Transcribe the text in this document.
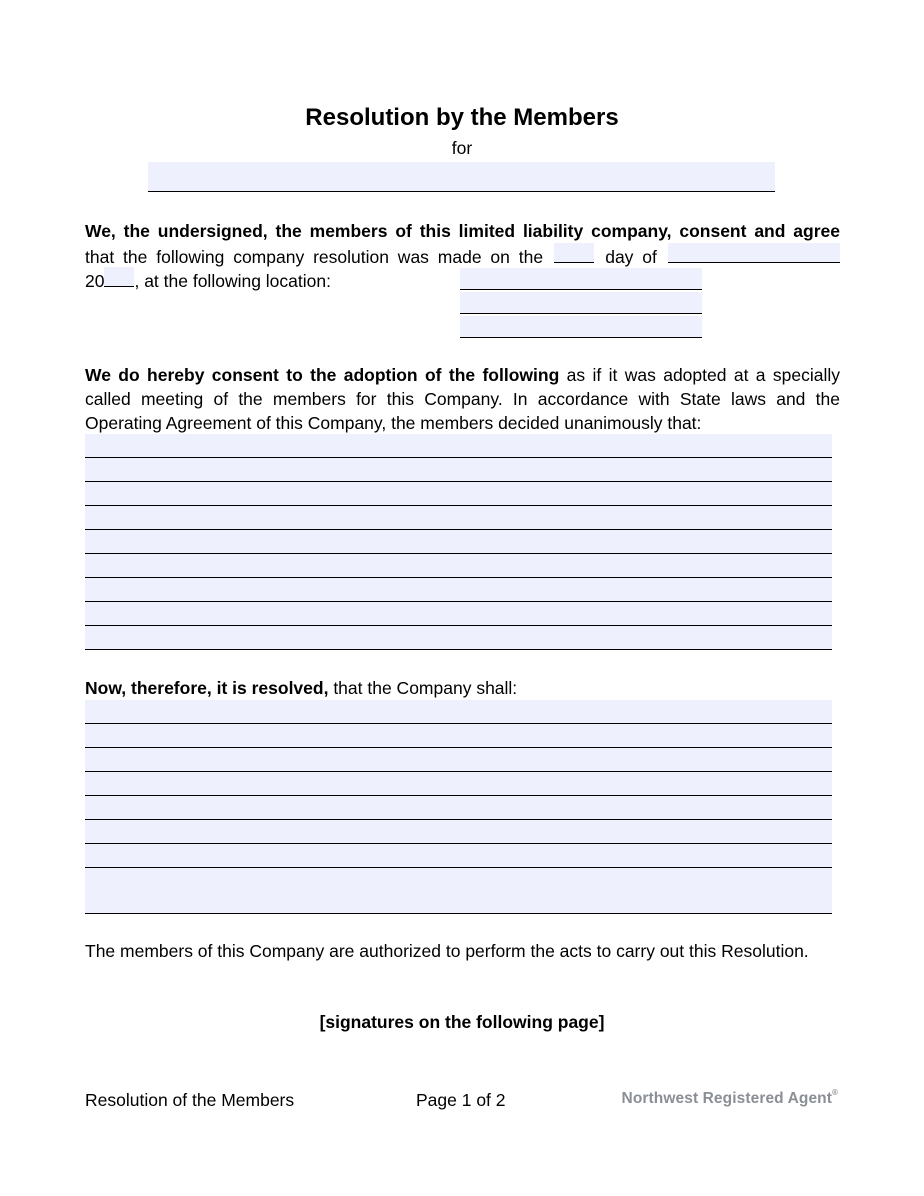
Resolution by the Members
for
We, the undersigned, the members of this limited liability company, consent and agree
that the following company resolution was made on the	day of
20 , at the following location:
We do hereby consent to the adoption of the following as if it was adopted at a specially called meeting of the members for this Company. In accordance with State laws and the Operating Agreement of this Company, the members decided unanimously that:
Now, therefore, it is resolved, that the Company shall:
The members of this Company are authorized to perform the acts to carry out this Resolution.
[signatures on the following page]
Resolution of the Members	Page 1 of 2	Northwest Registered Agent®
